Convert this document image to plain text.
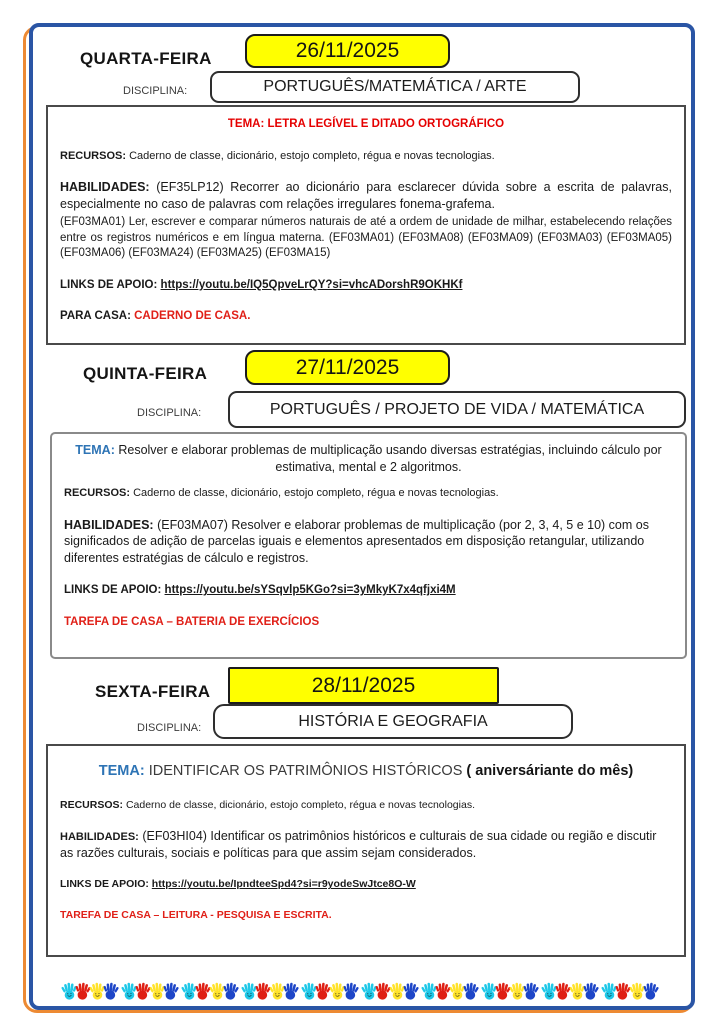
QUARTA-FEIRA	26/11/2025
DISCIPLINA:	PORTUGUÊS/MATEMÁTICA / ARTE

TEMA: LETRA LEGÍVEL E DITADO ORTOGRÁFICO

RECURSOS: Caderno de classe, dicionário, estojo completo, régua e novas tecnologias.

HABILIDADES: (EF35LP12) Recorrer ao dicionário para esclarecer dúvida sobre a escrita de palavras, especialmente no caso de palavras com relações irregulares fonema-grafema.

(EF03MA01) Ler, escrever e comparar números naturais de até a ordem de unidade de milhar, estabelecendo relações entre os registros numéricos e em língua materna. (EF03MA01) (EF03MA08) (EF03MA09) (EF03MA03) (EF03MA05) (EF03MA06) (EF03MA24) (EF03MA25) (EF03MA15)

LINKS DE APOIO: https://youtu.be/IQ5QpveLrQY?si=vhcADorshR9OKHKf

PARA CASA: CADERNO DE CASA.

QUINTA-FEIRA	27/11/2025
DISCIPLINA:	PORTUGUÊS / PROJETO DE VIDA / MATEMÁTICA

TEMA: Resolver e elaborar problemas de multiplicação usando diversas estratégias, incluindo cálculo por estimativa, mental e 2 algoritmos.

RECURSOS: Caderno de classe, dicionário, estojo completo, régua e novas tecnologias.

HABILIDADES: (EF03MA07) Resolver e elaborar problemas de multiplicação (por 2, 3, 4, 5 e 10) com os significados de adição de parcelas iguais e elementos apresentados em disposição retangular, utilizando diferentes estratégias de cálculo e registros.

LINKS DE APOIO: https://youtu.be/sYSqvlp5KGo?si=3yMkyK7x4qfjxi4M

TAREFA DE CASA – BATERIA DE EXERCÍCIOS

SEXTA-FEIRA	28/11/2025
DISCIPLINA:	HISTÓRIA E GEOGRAFIA

TEMA: IDENTIFICAR OS PATRIMÔNIOS HISTÓRICOS ( aniversáriante do mês)

RECURSOS: Caderno de classe, dicionário, estojo completo, régua e novas tecnologias.

HABILIDADES: (EF03HI04) Identificar os patrimônios históricos e culturais de sua cidade ou região e discutir as razões culturais, sociais e políticas para que assim sejam considerados.

LINKS DE APOIO: https://youtu.be/IpndteeSpd4?si=r9yodeSwJtce8O-W

TAREFA DE CASA – LEITURA - PESQUISA E ESCRITA.
